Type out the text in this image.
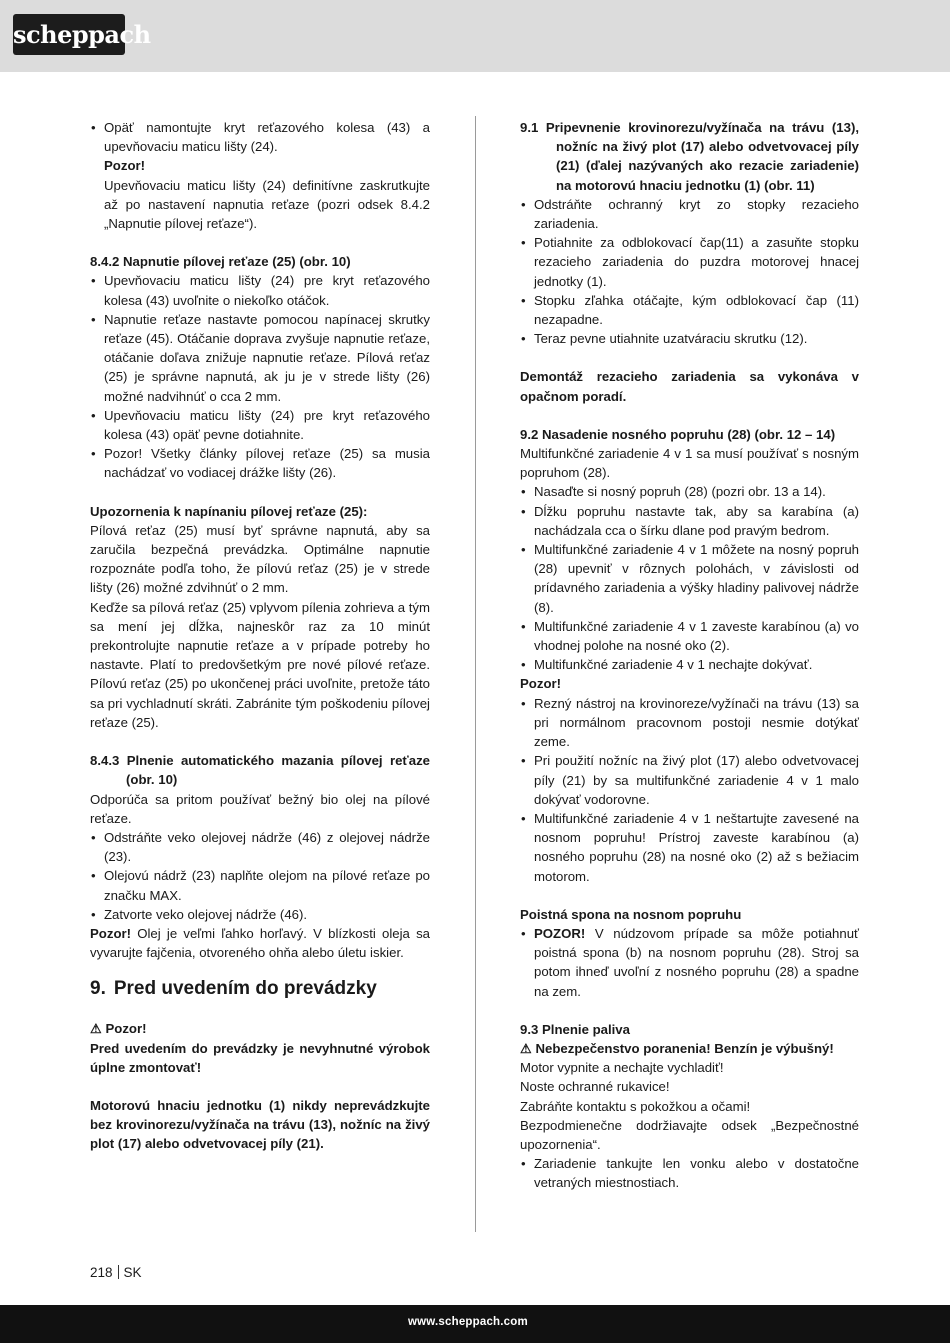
scheppach

• Opäť namontujte kryt reťazového kolesa (43) a upevňovaciu maticu lišty (24).

Pozor!

Upevňovaciu maticu lišty (24) definitívne zaskrutkujte až po nastavení napnutia reťaze (pozri odsek 8.4.2 „Napnutie pílovej reťaze“).

8.4.2 Napnutie pílovej reťaze (25) (obr. 10)

• Upevňovaciu maticu lišty (24) pre kryt reťazového kolesa (43) uvoľnite o niekoľko otáčok.

• Napnutie reťaze nastavte pomocou napínacej skrutky reťaze (45). Otáčanie doprava zvyšuje napnutie reťaze, otáčanie doľava znižuje napnutie reťaze. Pílová reťaz (25) je správne napnutá, ak ju je v strede lišty (26) možné nadvihnúť o cca 2 mm.

• Upevňovaciu maticu lišty (24) pre kryt reťazového kolesa (43) opäť pevne dotiahnite.

• Pozor! Všetky články pílovej reťaze (25) sa musia nachádzať vo vodiacej drážke lišty (26).

Upozornenia k napínaniu pílovej reťaze (25):

Pílová reťaz (25) musí byť správne napnutá, aby sa zaručila bezpečná prevádzka. Optimálne napnutie rozpoznáte podľa toho, že pílovú reťaz (25) je v strede lišty (26) možné zdvihnúť o 2 mm.

Keďže sa pílová reťaz (25) vplyvom pílenia zohrieva a tým sa mení jej dĺžka, najneskôr raz za 10 minút prekontrolujte napnutie reťaze a v prípade potreby ho nastavte. Platí to predovšetkým pre nové pílové reťaze. Pílovú reťaz (25) po ukončenej práci uvoľnite, pretože táto sa pri vychladnutí skráti. Zabránite tým poškodeniu pílovej reťaze (25).

8.4.3 Plnenie automatického mazania pílovej reťaze (obr. 10)

Odporúča sa pritom používať bežný bio olej na pílové reťaze.

• Odstráňte veko olejovej nádrže (46) z olejovej nádrže (23).

• Olejovú nádrž (23) naplňte olejom na pílové reťaze po značku MAX.

• Zatvorte veko olejovej nádrže (46).

Pozor! Olej je veľmi ľahko horľavý. V blízkosti oleja sa vyvarujte fajčenia, otvoreného ohňa alebo úletu iskier.

9. Pred uvedením do prevádzky

⚠ Pozor!

Pred uvedením do prevádzky je nevyhnutné výrobok úplne zmontovať!

Motorovú hnaciu jednotku (1) nikdy neprevádzkujte bez krovinorezu/vyžínača na trávu (13), nožníc na živý plot (17) alebo odvetvovacej píly (21).

9.1 Pripevnenie krovinorezu/vyžínača na trávu (13), nožníc na živý plot (17) alebo odvetvovacej píly (21) (ďalej nazývaných ako rezacie zariadenie) na motorovú hnaciu jednotku (1) (obr. 11)

• Odstráňte ochranný kryt zo stopky rezacieho zariadenia.

• Potiahnite za odblokovací čap(11) a zasuňte stopku rezacieho zariadenia do puzdra motorovej hnacej jednotky (1).

• Stopku zľahka otáčajte, kým odblokovací čap (11) nezapadne.

• Teraz pevne utiahnite uzatváraciu skrutku (12).

Demontáž rezacieho zariadenia sa vykonáva v opačnom poradí.

9.2 Nasadenie nosného popruhu (28) (obr. 12 – 14)

Multifunkčné zariadenie 4 v 1 sa musí používať s nosným popruhom (28).

• Nasaďte si nosný popruh (28) (pozri obr. 13 a 14).

• Dĺžku popruhu nastavte tak, aby sa karabína (a) nachádzala cca o šírku dlane pod pravým bedrom.

• Multifunkčné zariadenie 4 v 1 môžete na nosný popruh (28) upevniť v rôznych polohách, v závislosti od prídavného zariadenia a výšky hladiny palivovej nádrže (8).

• Multifunkčné zariadenie 4 v 1 zaveste karabínou (a) vo vhodnej polohe na nosné oko (2).

• Multifunkčné zariadenie 4 v 1 nechajte dokývať.

Pozor!

• Rezný nástroj na krovinoreze/vyžínači na trávu (13) sa pri normálnom pracovnom postoji nesmie dotýkať zeme.

• Pri použití nožníc na živý plot (17) alebo odvetvovacej píly (21) by sa multifunkčné zariadenie 4 v 1 malo dokývať vodorovne.

• Multifunkčné zariadenie 4 v 1 neštartujte zavesené na nosnom popruhu! Prístroj zaveste karabínou (a) nosného popruhu (28) na nosné oko (2) až s bežiacim motorom.

Poistná spona na nosnom popruhu

• POZOR! V núdzovom prípade sa môže potiahnuť poistná spona (b) na nosnom popruhu (28). Stroj sa potom ihneď uvoľní z nosného popruhu (28) a spadne na zem.

9.3 Plnenie paliva

⚠ Nebezpečenstvo poranenia! Benzín je výbušný!

Motor vypnite a nechajte vychladiť!

Noste ochranné rukavice!

Zabráňte kontaktu s pokožkou a očami!

Bezpodmienečne dodržiavajte odsek „Bezpečnostné upozornenia“.

• Zariadenie tankujte len vonku alebo v dostatočne vetraných miestnostiach.

218 SK
www.scheppach.com
